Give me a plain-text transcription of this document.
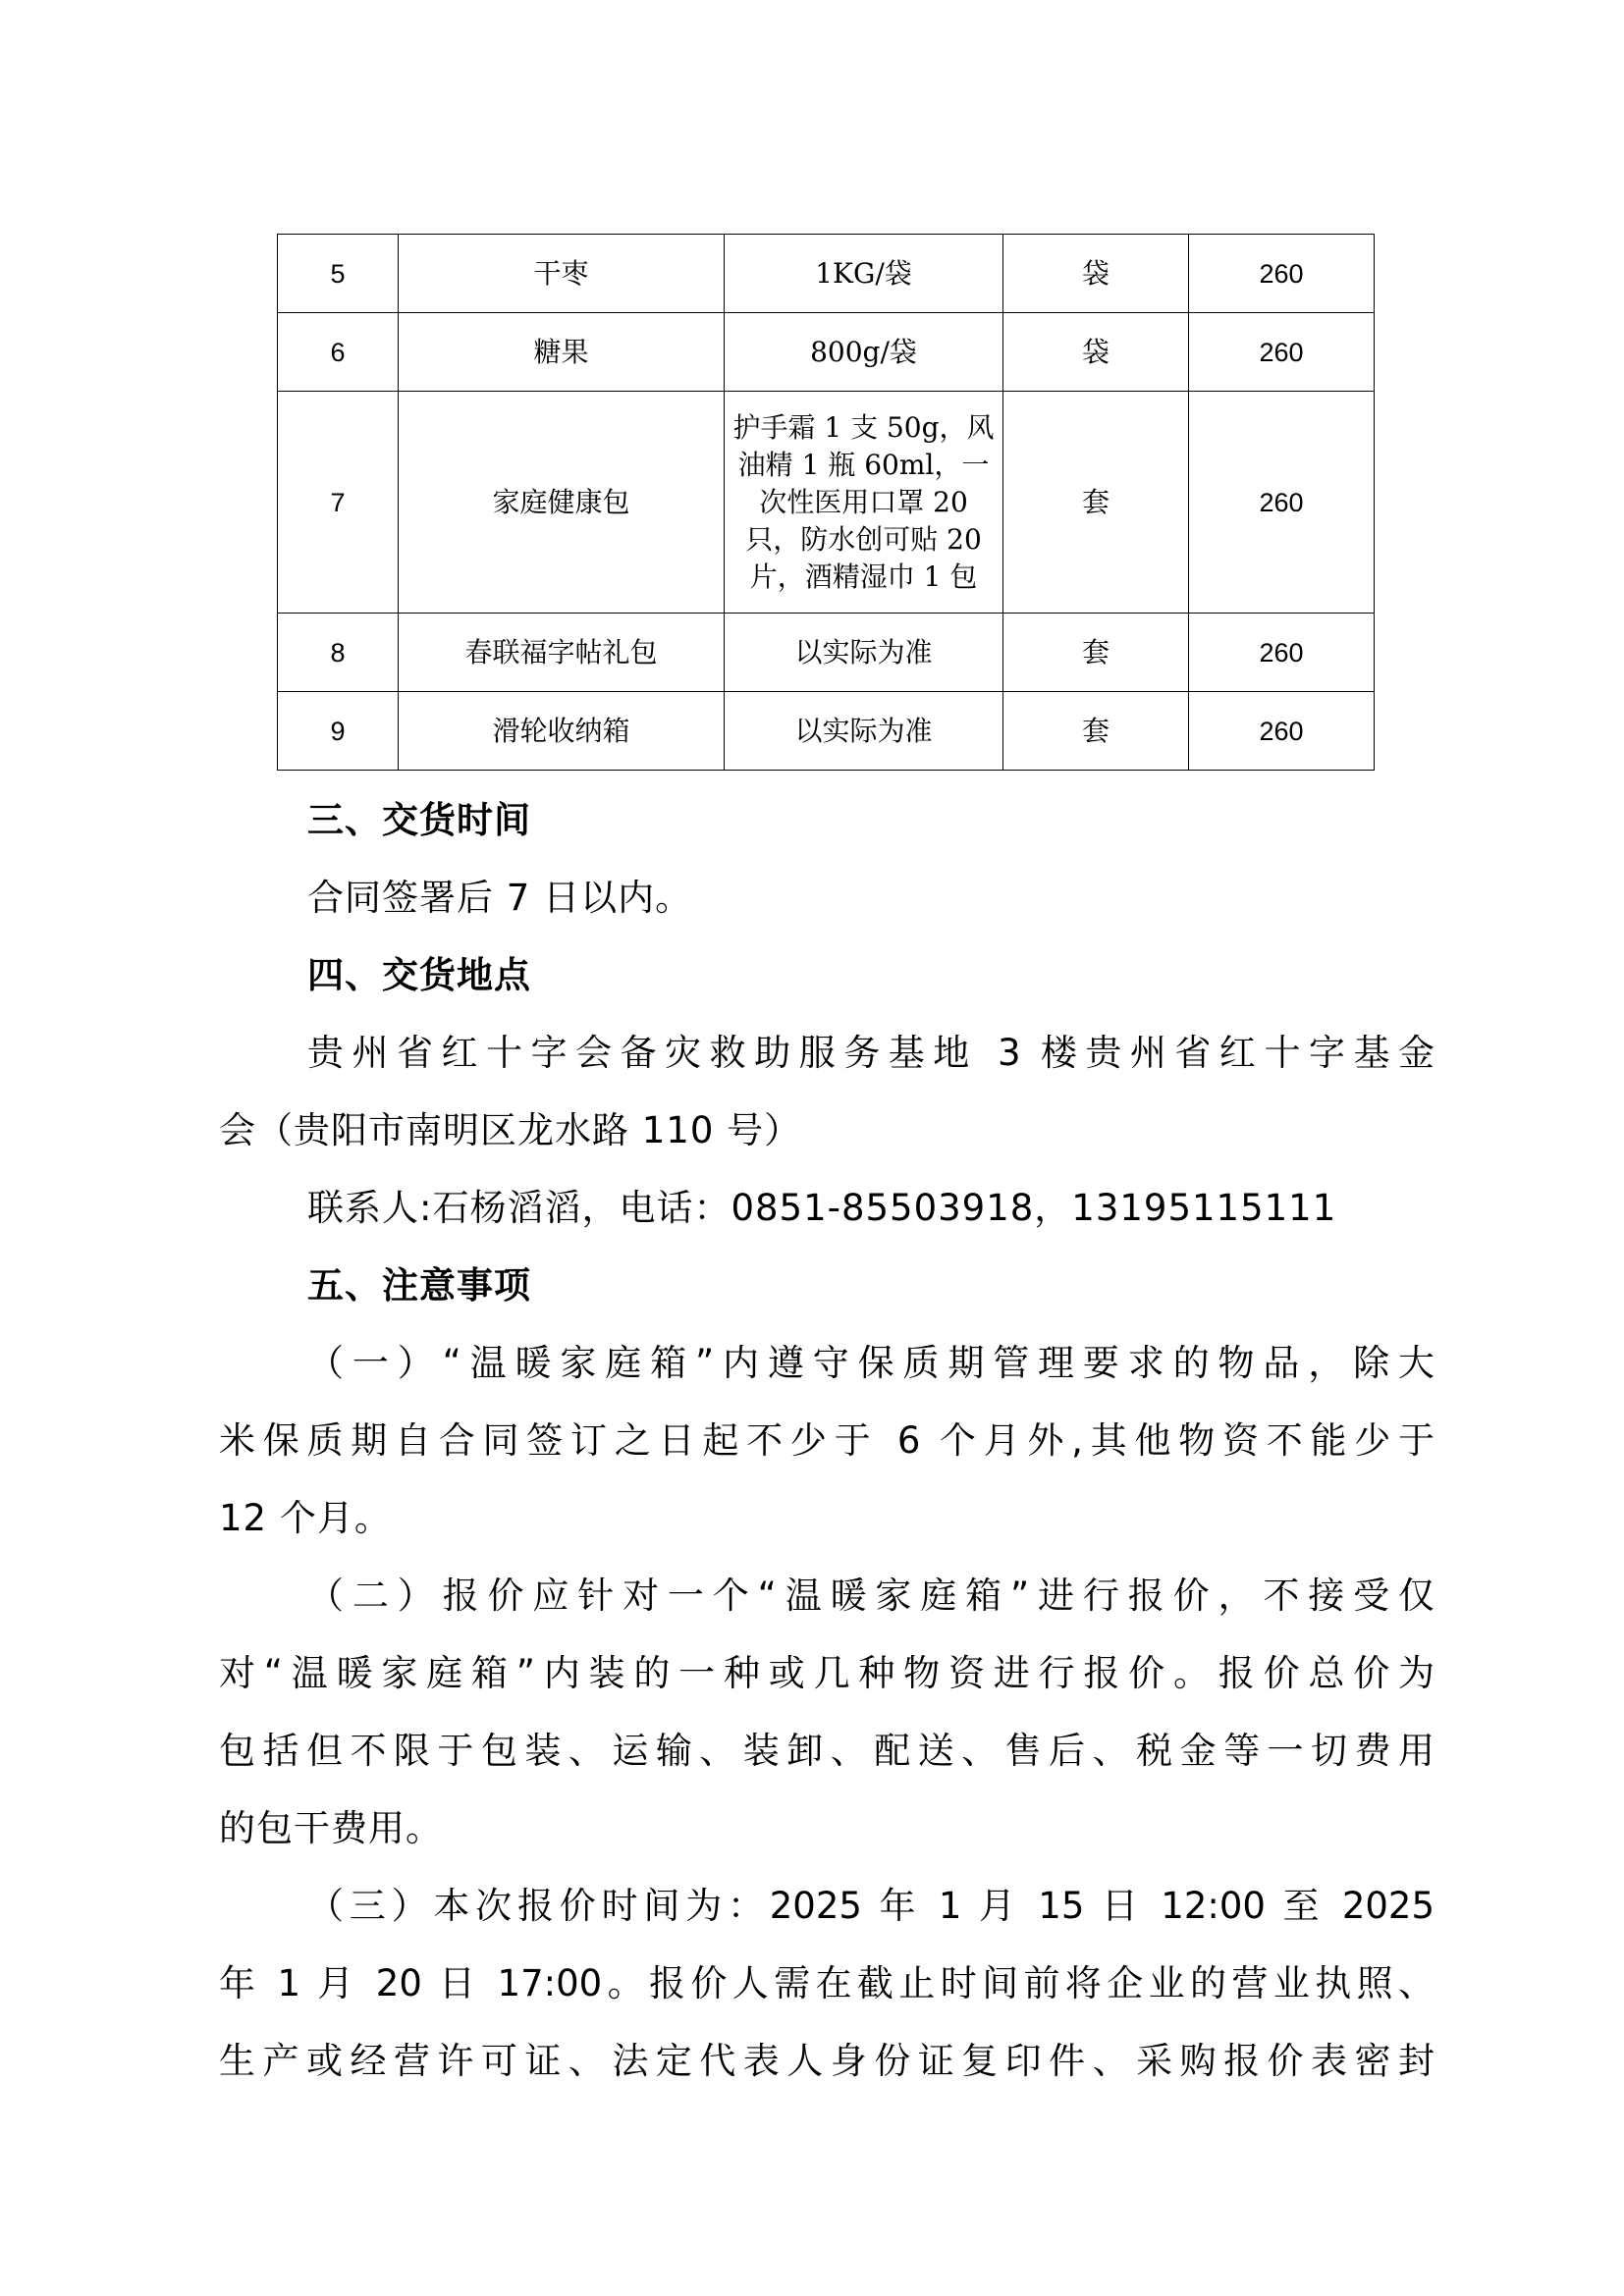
5	干枣	1KG/袋	袋	260
6	糖果	800g/袋	袋	260
7	家庭健康包	护手霜 1 支 50g，风
油精 1 瓶 60ml，一
次性医用口罩 20
只，防水创可贴 20
片，酒精湿巾 1 包	套	260
8	春联福字帖礼包	以实际为准	套	260
9	滑轮收纳箱	以实际为准	套	260
三、交货时间
合同签署后 7 日以内。
四、交货地点
贵州省红十字会备灾救助服务基地 3 楼贵州省红十字基金
会（贵阳市南明区龙水路 110 号）
联系人:石杨滔滔，电话：0851-85503918，13195115111
五、注意事项
（一）“温暖家庭箱”内遵守保质期管理要求的物品，除大
米保质期自合同签订之日起不少于 6 个月外,其他物资不能少于
12 个月。
（二）报价应针对一个“温暖家庭箱”进行报价，不接受仅
对“温暖家庭箱”内装的一种或几种物资进行报价。报价总价为
包括但不限于包装、运输、装卸、配送、售后、税金等一切费用
的包干费用。
（三）本次报价时间为：2025 年 1 月 15 日 12:00 至 2025
年 1 月 20 日 17:00。报价人需在截止时间前将企业的营业执照、
生产或经营许可证、法定代表人身份证复印件、采购报价表密封
